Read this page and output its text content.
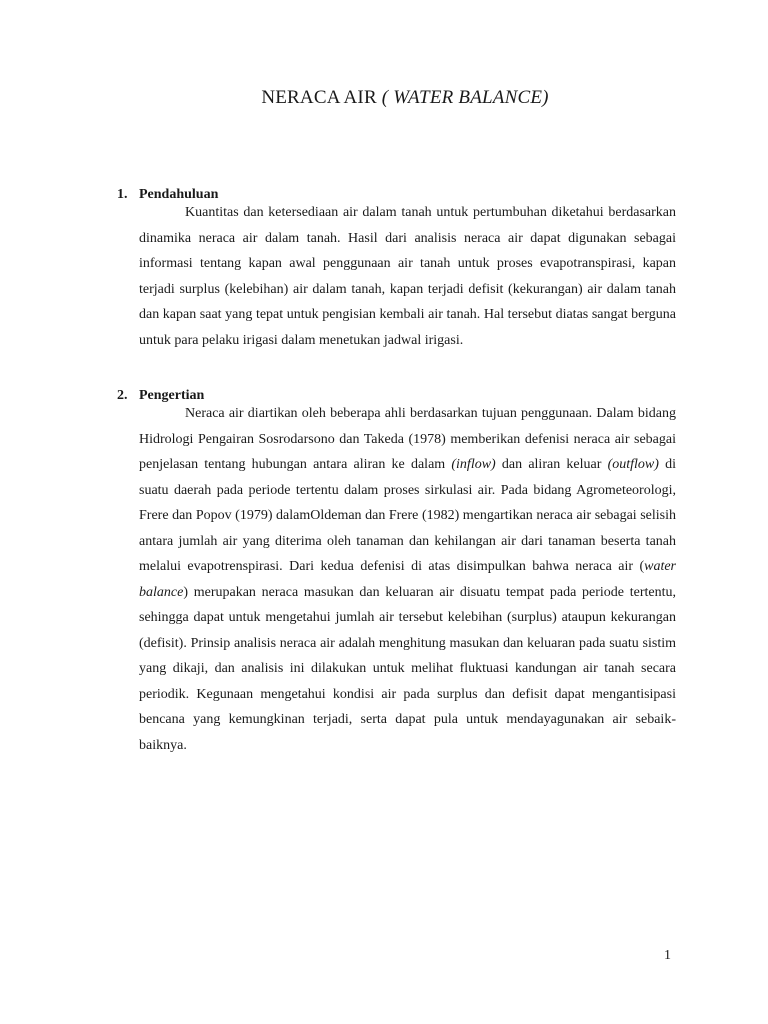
NERACA AIR ( WATER BALANCE)
1. Pendahuluan

Kuantitas dan ketersediaan air dalam tanah untuk pertumbuhan diketahui berdasarkan dinamika neraca air dalam tanah. Hasil dari analisis neraca air dapat digunakan sebagai informasi tentang kapan awal penggunaan air tanah untuk proses evapotranspirasi, kapan terjadi surplus (kelebihan) air dalam tanah, kapan terjadi defisit (kekurangan) air dalam tanah dan kapan saat yang tepat untuk pengisian kembali air tanah. Hal tersebut diatas sangat berguna untuk para pelaku irigasi dalam menetukan jadwal irigasi.

2. Pengertian

Neraca air diartikan oleh beberapa ahli berdasarkan tujuan penggunaan. Dalam bidang Hidrologi Pengairan Sosrodarsono dan Takeda (1978) memberikan defenisi neraca air sebagai penjelasan tentang hubungan antara aliran ke dalam (inflow) dan aliran keluar (outflow) di suatu daerah pada periode tertentu dalam proses sirkulasi air. Pada bidang Agrometeorologi, Frere dan Popov (1979) dalamOldeman dan Frere (1982) mengartikan neraca air sebagai selisih antara jumlah air yang diterima oleh tanaman dan kehilangan air dari tanaman beserta tanah melalui evapotrenspirasi. Dari kedua defenisi di atas disimpulkan bahwa neraca air (water balance) merupakan neraca masukan dan keluaran air disuatu tempat pada periode tertentu, sehingga dapat untuk mengetahui jumlah air tersebut kelebihan (surplus) ataupun kekurangan (defisit). Prinsip analisis neraca air adalah menghitung masukan dan keluaran pada suatu sistim yang dikaji, dan analisis ini dilakukan untuk melihat fluktuasi kandungan air tanah secara periodik. Kegunaan mengetahui kondisi air pada surplus dan defisit dapat mengantisipasi bencana yang kemungkinan terjadi, serta dapat pula untuk mendayagunakan air sebaik-baiknya.

1
